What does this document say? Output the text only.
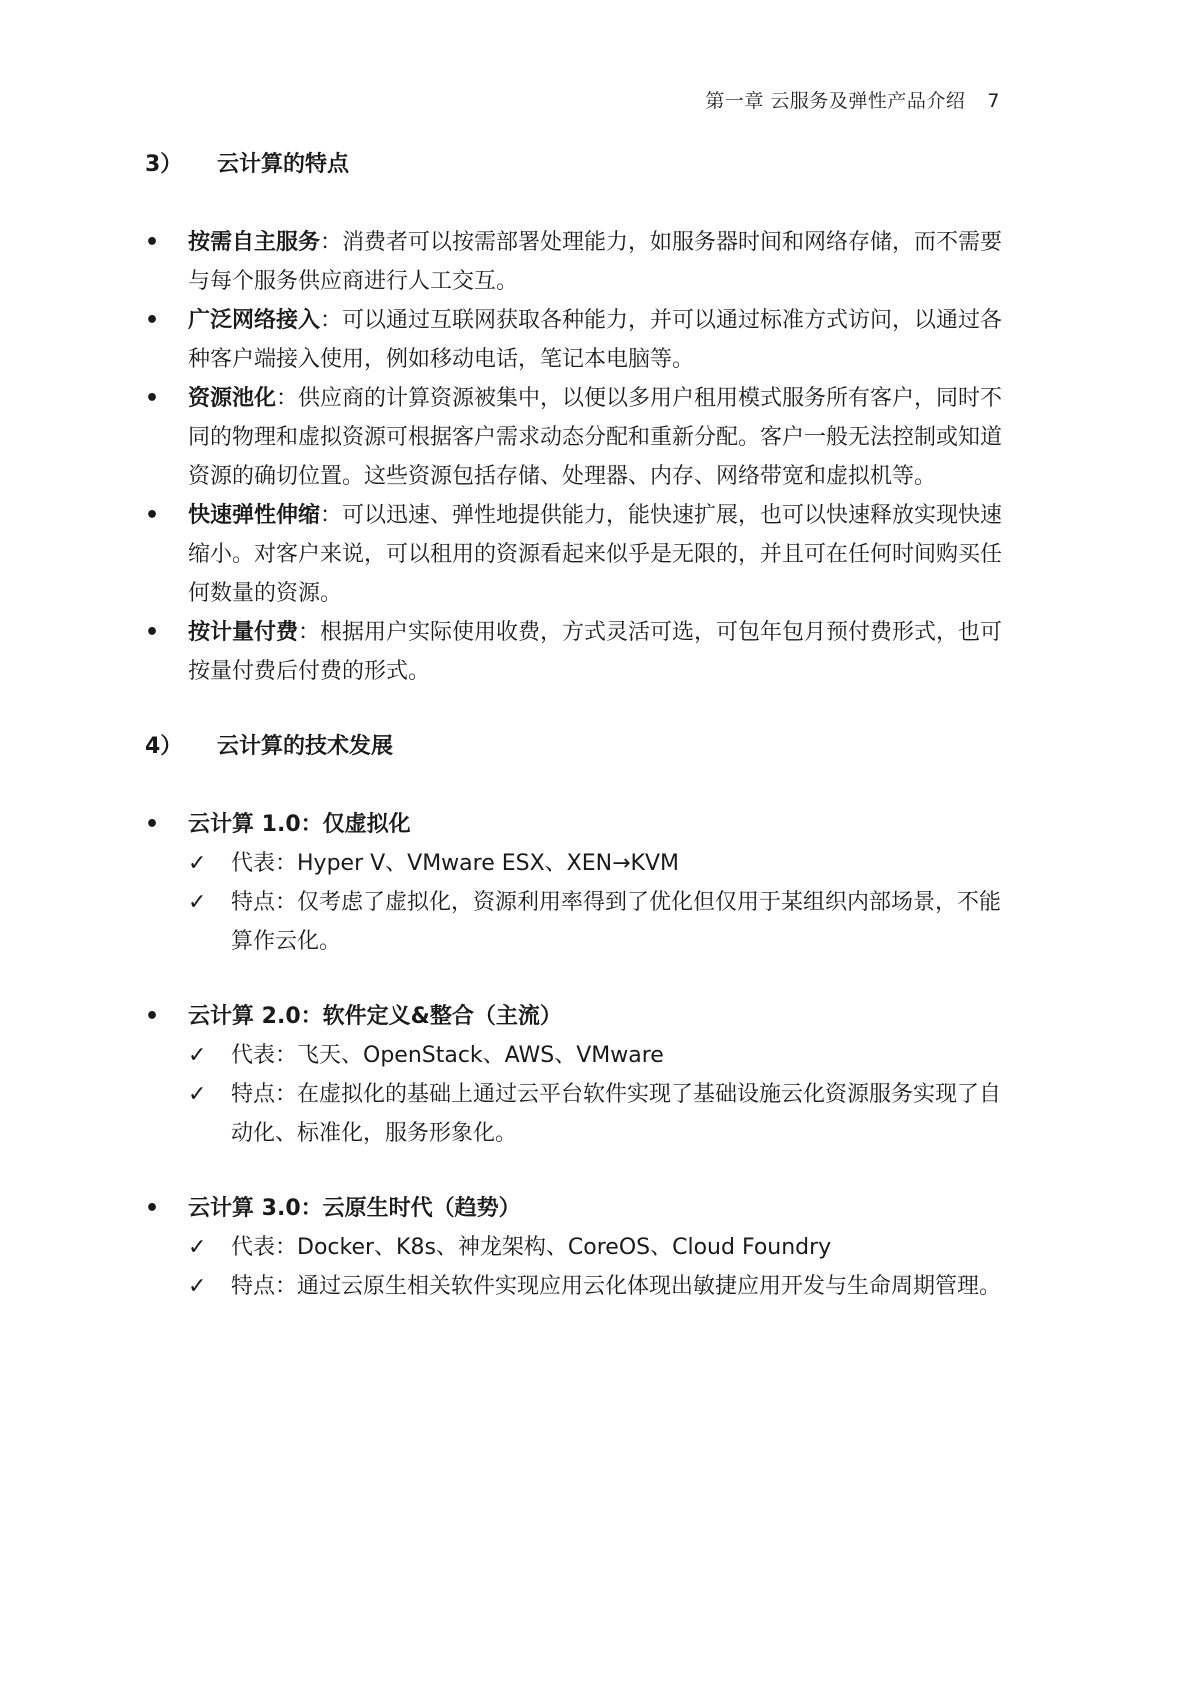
第一章 云服务及弹性产品介绍 7
3） 云计算的特点
• 按需自主服务：消费者可以按需部署处理能力，如服务器时间和网络存储，而不需要与每个服务供应商进行人工交互。
• 广泛网络接入：可以通过互联网获取各种能力，并可以通过标准方式访问，以通过各种客户端接入使用，例如移动电话，笔记本电脑等。
• 资源池化：供应商的计算资源被集中，以便以多用户租用模式服务所有客户，同时不同的物理和虚拟资源可根据客户需求动态分配和重新分配。客户一般无法控制或知道资源的确切位置。这些资源包括存储、处理器、内存、网络带宽和虚拟机等。
• 快速弹性伸缩：可以迅速、弹性地提供能力，能快速扩展，也可以快速释放实现快速缩小。对客户来说，可以租用的资源看起来似乎是无限的，并且可在任何时间购买任何数量的资源。
• 按计量付费：根据用户实际使用收费，方式灵活可选，可包年包月预付费形式，也可按量付费后付费的形式。
4） 云计算的技术发展
• 云计算 1.0：仅虚拟化
✓ 代表：Hyper V、VMware ESX、XEN→KVM
✓ 特点：仅考虑了虚拟化，资源利用率得到了优化但仅用于某组织内部场景，不能算作云化。
• 云计算 2.0：软件定义&整合（主流）
✓ 代表：飞天、OpenStack、AWS、VMware
✓ 特点：在虚拟化的基础上通过云平台软件实现了基础设施云化资源服务实现了自动化、标准化，服务形象化。
• 云计算 3.0：云原生时代（趋势）
✓ 代表：Docker、K8s、神龙架构、CoreOS、Cloud Foundry
✓ 特点：通过云原生相关软件实现应用云化体现出敏捷应用开发与生命周期管理。
